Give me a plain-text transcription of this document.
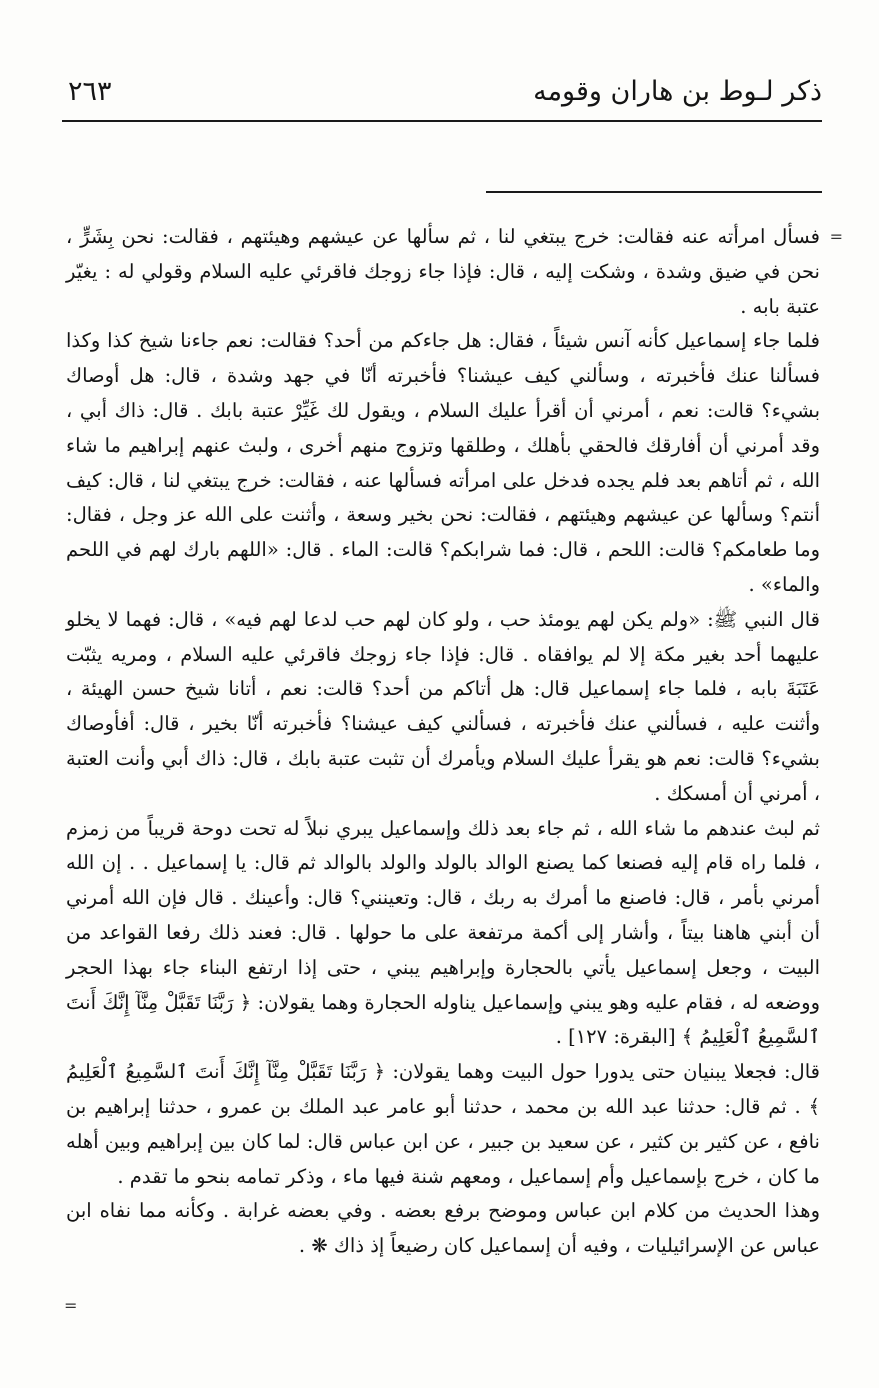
ذكر لـوط بن هاران وقومه
٢٦٣
=
=

فسأل امرأته عنه فقالت: خرج يبتغي لنا ، ثم سألها عن عيشهم وهيئتهم ، فقالت: نحن بِشَرٍّ ، نحن في ضيق وشدة ، وشكت إليه ، قال: فإذا جاء زوجك فاقرئي عليه السلام وقولي له : يغيّر عتبة بابه .

فلما جاء إسماعيل كأنه آنس شيئاً ، فقال: هل جاءكم من أحد؟ فقالت: نعم جاءنا شيخ كذا وكذا فسألنا عنك فأخبرته ، وسألني كيف عيشنا؟ فأخبرته أنّا في جهد وشدة ، قال: هل أوصاك بشيء؟ قالت: نعم ، أمرني أن أقرأ عليك السلام ، ويقول لك غَيِّرْ عتبة بابك . قال: ذاك أبي ، وقد أمرني أن أفارقك فالحقي بأهلك ، وطلقها وتزوج منهم أخرى ، ولبث عنهم إبراهيم ما شاء الله ، ثم أتاهم بعد فلم يجده فدخل على امرأته فسألها عنه ، فقالت: خرج يبتغي لنا ، قال: كيف أنتم؟ وسألها عن عيشهم وهيئتهم ، فقالت: نحن بخير وسعة ، وأثنت على الله عز وجل ، فقال: وما طعامكم؟ قالت: اللحم ، قال: فما شرابكم؟ قالت: الماء . قال: «اللهم بارك لهم في اللحم والماء» .

قال النبي ﷺ: «ولم يكن لهم يومئذ حب ، ولو كان لهم حب لدعا لهم فيه» ، قال: فهما لا يخلو عليهما أحد بغير مكة إلا لم يوافقاه . قال: فإذا جاء زوجك فاقرئي عليه السلام ، ومريه يثبّت عَتَبَةَ بابه ، فلما جاء إسماعيل قال: هل أتاكم من أحد؟ قالت: نعم ، أتانا شيخ حسن الهيئة ، وأثنت عليه ، فسألني عنك فأخبرته ، فسألني كيف عيشنا؟ فأخبرته أنّا بخير ، قال: أفأوصاك بشيء؟ قالت: نعم هو يقرأ عليك السلام ويأمرك أن تثبت عتبة بابك ، قال: ذاك أبي وأنت العتبة ، أمرني أن أمسكك .

ثم لبث عندهم ما شاء الله ، ثم جاء بعد ذلك وإسماعيل يبري نبلاً له تحت دوحة قريباً من زمزم ، فلما راه قام إليه فصنعا كما يصنع الوالد بالولد والولد بالوالد ثم قال: يا إسماعيل . . إن الله أمرني بأمر ، قال: فاصنع ما أمرك به ربك ، قال: وتعينني؟ قال: وأعينك . قال فإن الله أمرني أن أبني هاهنا بيتاً ، وأشار إلى أكمة مرتفعة على ما حولها . قال: فعند ذلك رفعا القواعد من البيت ، وجعل إسماعيل يأتي بالحجارة وإبراهيم يبني ، حتى إذا ارتفع البناء جاء بهذا الحجر ووضعه له ، فقام عليه وهو يبني وإسماعيل يناوله الحجارة وهما يقولان: ﴿ رَبَّنَا تَقَبَّلْ مِنَّآ إِنَّكَ أَنتَ ٱلسَّمِيعُ ٱلْعَلِيمُ ﴾ [البقرة: ١٢٧] .

قال: فجعلا يبنيان حتى يدورا حول البيت وهما يقولان: ﴿ رَبَّنَا تَقَبَّلْ مِنَّآ إِنَّكَ أَنتَ ٱلسَّمِيعُ ٱلْعَلِيمُ ﴾ . ثم قال: حدثنا عبد الله بن محمد ، حدثنا أبو عامر عبد الملك بن عمرو ، حدثنا إبراهيم بن نافع ، عن كثير بن كثير ، عن سعيد بن جبير ، عن ابن عباس قال: لما كان بين إبراهيم وبين أهله ما كان ، خرج بإسماعيل وأم إسماعيل ، ومعهم شنة فيها ماء ، وذكر تمامه بنحو ما تقدم .

وهذا الحديث من كلام ابن عباس وموضح برفع بعضه . وفي بعضه غرابة . وكأنه مما نفاه ابن عباس عن الإسرائيليات ، وفيه أن إسماعيل كان رضيعاً إذ ذاك ❋ .
